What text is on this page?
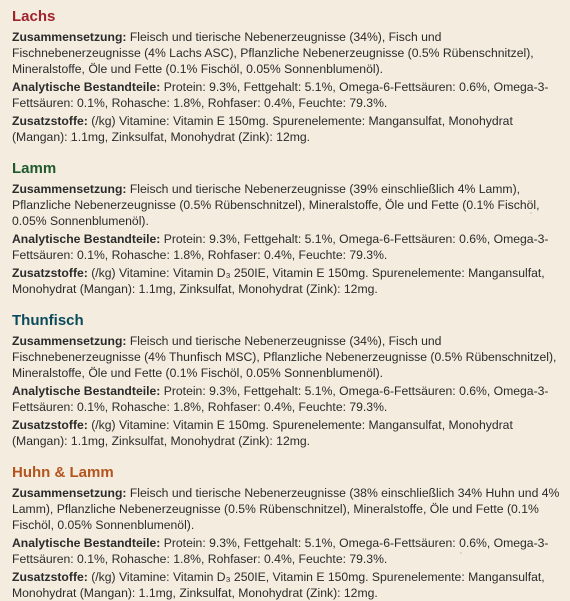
Lachs

Zusammensetzung: Fleisch und tierische Nebenerzeugnisse (34%), Fisch und Fischnebenerzeugnisse (4% Lachs ASC), Pflanzliche Nebenerzeugnisse (0.5% Rübenschnitzel), Mineralstoffe, Öle und Fette (0.1% Fischöl, 0.05% Sonnenblumenöl).

Analytische Bestandteile: Protein: 9.3%, Fettgehalt: 5.1%, Omega-6-Fettsäuren: 0.6%, Omega-3-Fettsäuren: 0.1%, Rohasche: 1.8%, Rohfaser: 0.4%, Feuchte: 79.3%.

Zusatzstoffe: (/kg) Vitamine: Vitamin E 150mg. Spurenelemente: Mangansulfat, Monohydrat (Mangan): 1.1mg, Zinksulfat, Monohydrat (Zink): 12mg.

Lamm

Zusammensetzung: Fleisch und tierische Nebenerzeugnisse (39% einschließlich 4% Lamm), Pflanzliche Nebenerzeugnisse (0.5% Rübenschnitzel), Mineralstoffe, Öle und Fette (0.1% Fischöl, 0.05% Sonnenblumenöl).

Analytische Bestandteile: Protein: 9.3%, Fettgehalt: 5.1%, Omega-6-Fettsäuren: 0.6%, Omega-3-Fettsäuren: 0.1%, Rohasche: 1.8%, Rohfaser: 0.4%, Feuchte: 79.3%.

Zusatzstoffe: (/kg) Vitamine: Vitamin D₃ 250IE, Vitamin E 150mg. Spurenelemente: Mangansulfat, Monohydrat (Mangan): 1.1mg, Zinksulfat, Monohydrat (Zink): 12mg.

Thunfisch

Zusammensetzung: Fleisch und tierische Nebenerzeugnisse (34%), Fisch und Fischnebenerzeugnisse (4% Thunfisch MSC), Pflanzliche Nebenerzeugnisse (0.5% Rübenschnitzel), Mineralstoffe, Öle und Fette (0.1% Fischöl, 0.05% Sonnenblumenöl).

Analytische Bestandteile: Protein: 9.3%, Fettgehalt: 5.1%, Omega-6-Fettsäuren: 0.6%, Omega-3-Fettsäuren: 0.1%, Rohasche: 1.8%, Rohfaser: 0.4%, Feuchte: 79.3%.

Zusatzstoffe: (/kg) Vitamine: Vitamin E 150mg. Spurenelemente: Mangansulfat, Monohydrat (Mangan): 1.1mg, Zinksulfat, Monohydrat (Zink): 12mg.

Huhn & Lamm

Zusammensetzung: Fleisch und tierische Nebenerzeugnisse (38% einschließlich 34% Huhn und 4% Lamm), Pflanzliche Nebenerzeugnisse (0.5% Rübenschnitzel), Mineralstoffe, Öle und Fette (0.1% Fischöl, 0.05% Sonnenblumenöl).

Analytische Bestandteile: Protein: 9.3%, Fettgehalt: 5.1%, Omega-6-Fettsäuren: 0.6%, Omega-3-Fettsäuren: 0.1%, Rohasche: 1.8%, Rohfaser: 0.4%, Feuchte: 79.3%.

Zusatzstoffe: (/kg) Vitamine: Vitamin D₃ 250IE, Vitamin E 150mg. Spurenelemente: Mangansulfat, Monohydrat (Mangan): 1.1mg, Zinksulfat, Monohydrat (Zink): 12mg.
